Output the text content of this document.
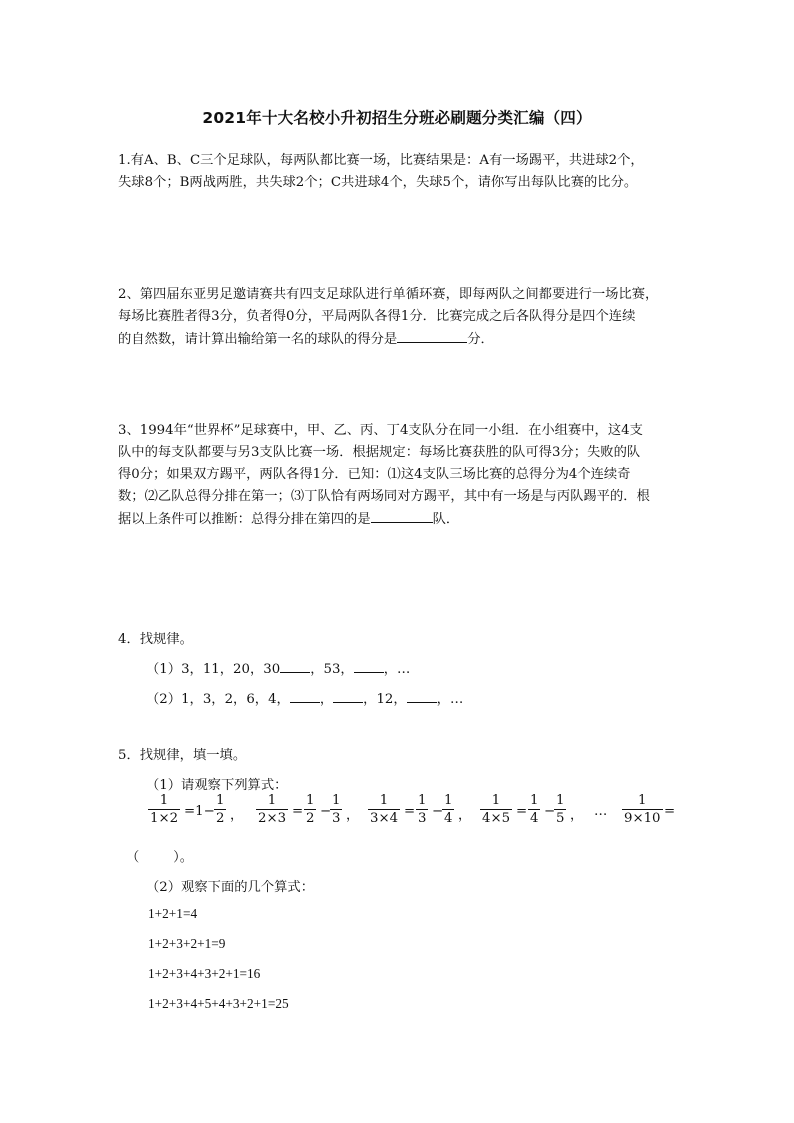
2021年十大名校小升初招生分班必刷题分类汇编（四）
1.有A、B、C三个足球队，每两队都比赛一场，比赛结果是：A有一场踢平，共进球2个，
失球8个；B两战两胜，共失球2个；C共进球4个，失球5个，请你写出每队比赛的比分。
2、第四届东亚男足邀请赛共有四支足球队进行单循环赛，即每两队之间都要进行一场比赛，
每场比赛胜者得3分，负者得0分，平局两队各得1分．比赛完成之后各队得分是四个连续
的自然数，请计算出输给第一名的球队的得分是	分．
3、1994年“世界杯”足球赛中，甲、乙、丙、丁4支队分在同一小组．在小组赛中，这4支
队中的每支队都要与另3支队比赛一场．根据规定：每场比赛获胜的队可得3分；失败的队
得0分；如果双方踢平，两队各得1分．已知：⑴这4支队三场比赛的总得分为4个连续奇
数；⑵乙队总得分排在第一；⑶丁队恰有两场同对方踢平，其中有一场是与丙队踢平的．根
据以上条件可以推断：总得分排在第四的是	队．
4．找规律。
（1）3，11，20，30 ，53， ，…
（2）1，3，2，6，4， ， ，12， ，…
5．找规律，填一填。
（1）请观察下列算式：
1
1×2 =1−
1
2 ，
1
2×3 =
1
2 −
1
3 ，
1
3×4 =
1
3 −
1
4 ，
1
4×5 =
1
4 −
1
5 ， …
1
9×10 =
（        ）。
（2）观察下面的几个算式：
1+2+1=4
1+2+3+2+1=9
1+2+3+4+3+2+1=16
1+2+3+4+5+4+3+2+1=25
